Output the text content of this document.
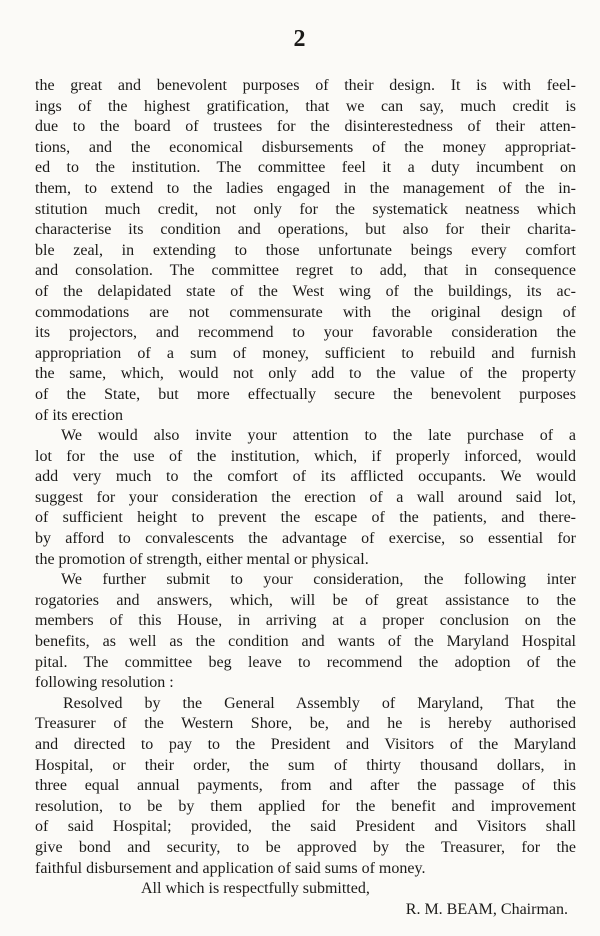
2
the great and benevolent purposes of their design. It is with feel-
ings of the highest gratification, that we can say, much credit is
due to the board of trustees for the disinterestedness of their atten-
tions, and the economical disbursements of the money appropriat-
ed to the institution. The committee feel it a duty incumbent on
them, to extend to the ladies engaged in the management of the in-
stitution much credit, not only for the systematick neatness which
characterise its condition and operations, but also for their charita-
ble zeal, in extending to those unfortunate beings every comfort
and consolation. The committee regret to add, that in consequence
of the delapidated state of the West wing of the buildings, its ac-
commodations are not commensurate with the original design of
its projectors, and recommend to your favorable consideration the
appropriation of a sum of money, sufficient to rebuild and furnish
the same, which, would not only add to the value of the property
of the State, but more effectually secure the benevolent purposes
of its erection
We would also invite your attention to the late purchase of a
lot for the use of the institution, which, if properly inforced, would
add very much to the comfort of its afflicted occupants. We would
suggest for your consideration the erection of a wall around said lot,
of sufficient height to prevent the escape of the patients, and there-
by afford to convalescents the advantage of exercise, so essential for
the promotion of strength, either mental or physical.
We further submit to your consideration, the following inter
rogatories and answers, which, will be of great assistance to the
members of this House, in arriving at a proper conclusion on the
benefits, as well as the condition and wants of the Maryland Hospital
pital. The committee beg leave to recommend the adoption of the
following resolution :
Resolved by the General Assembly of Maryland, That the
Treasurer of the Western Shore, be, and he is hereby authorised
and directed to pay to the President and Visitors of the Maryland
Hospital, or their order, the sum of thirty thousand dollars, in
three equal annual payments, from and after the passage of this
resolution, to be by them applied for the benefit and improvement
of said Hospital; provided, the said President and Visitors shall
give bond and security, to be approved by the Treasurer, for the
faithful disbursement and application of said sums of money.
All which is respectfully submitted,
R. M. BEAM, Chairman.
